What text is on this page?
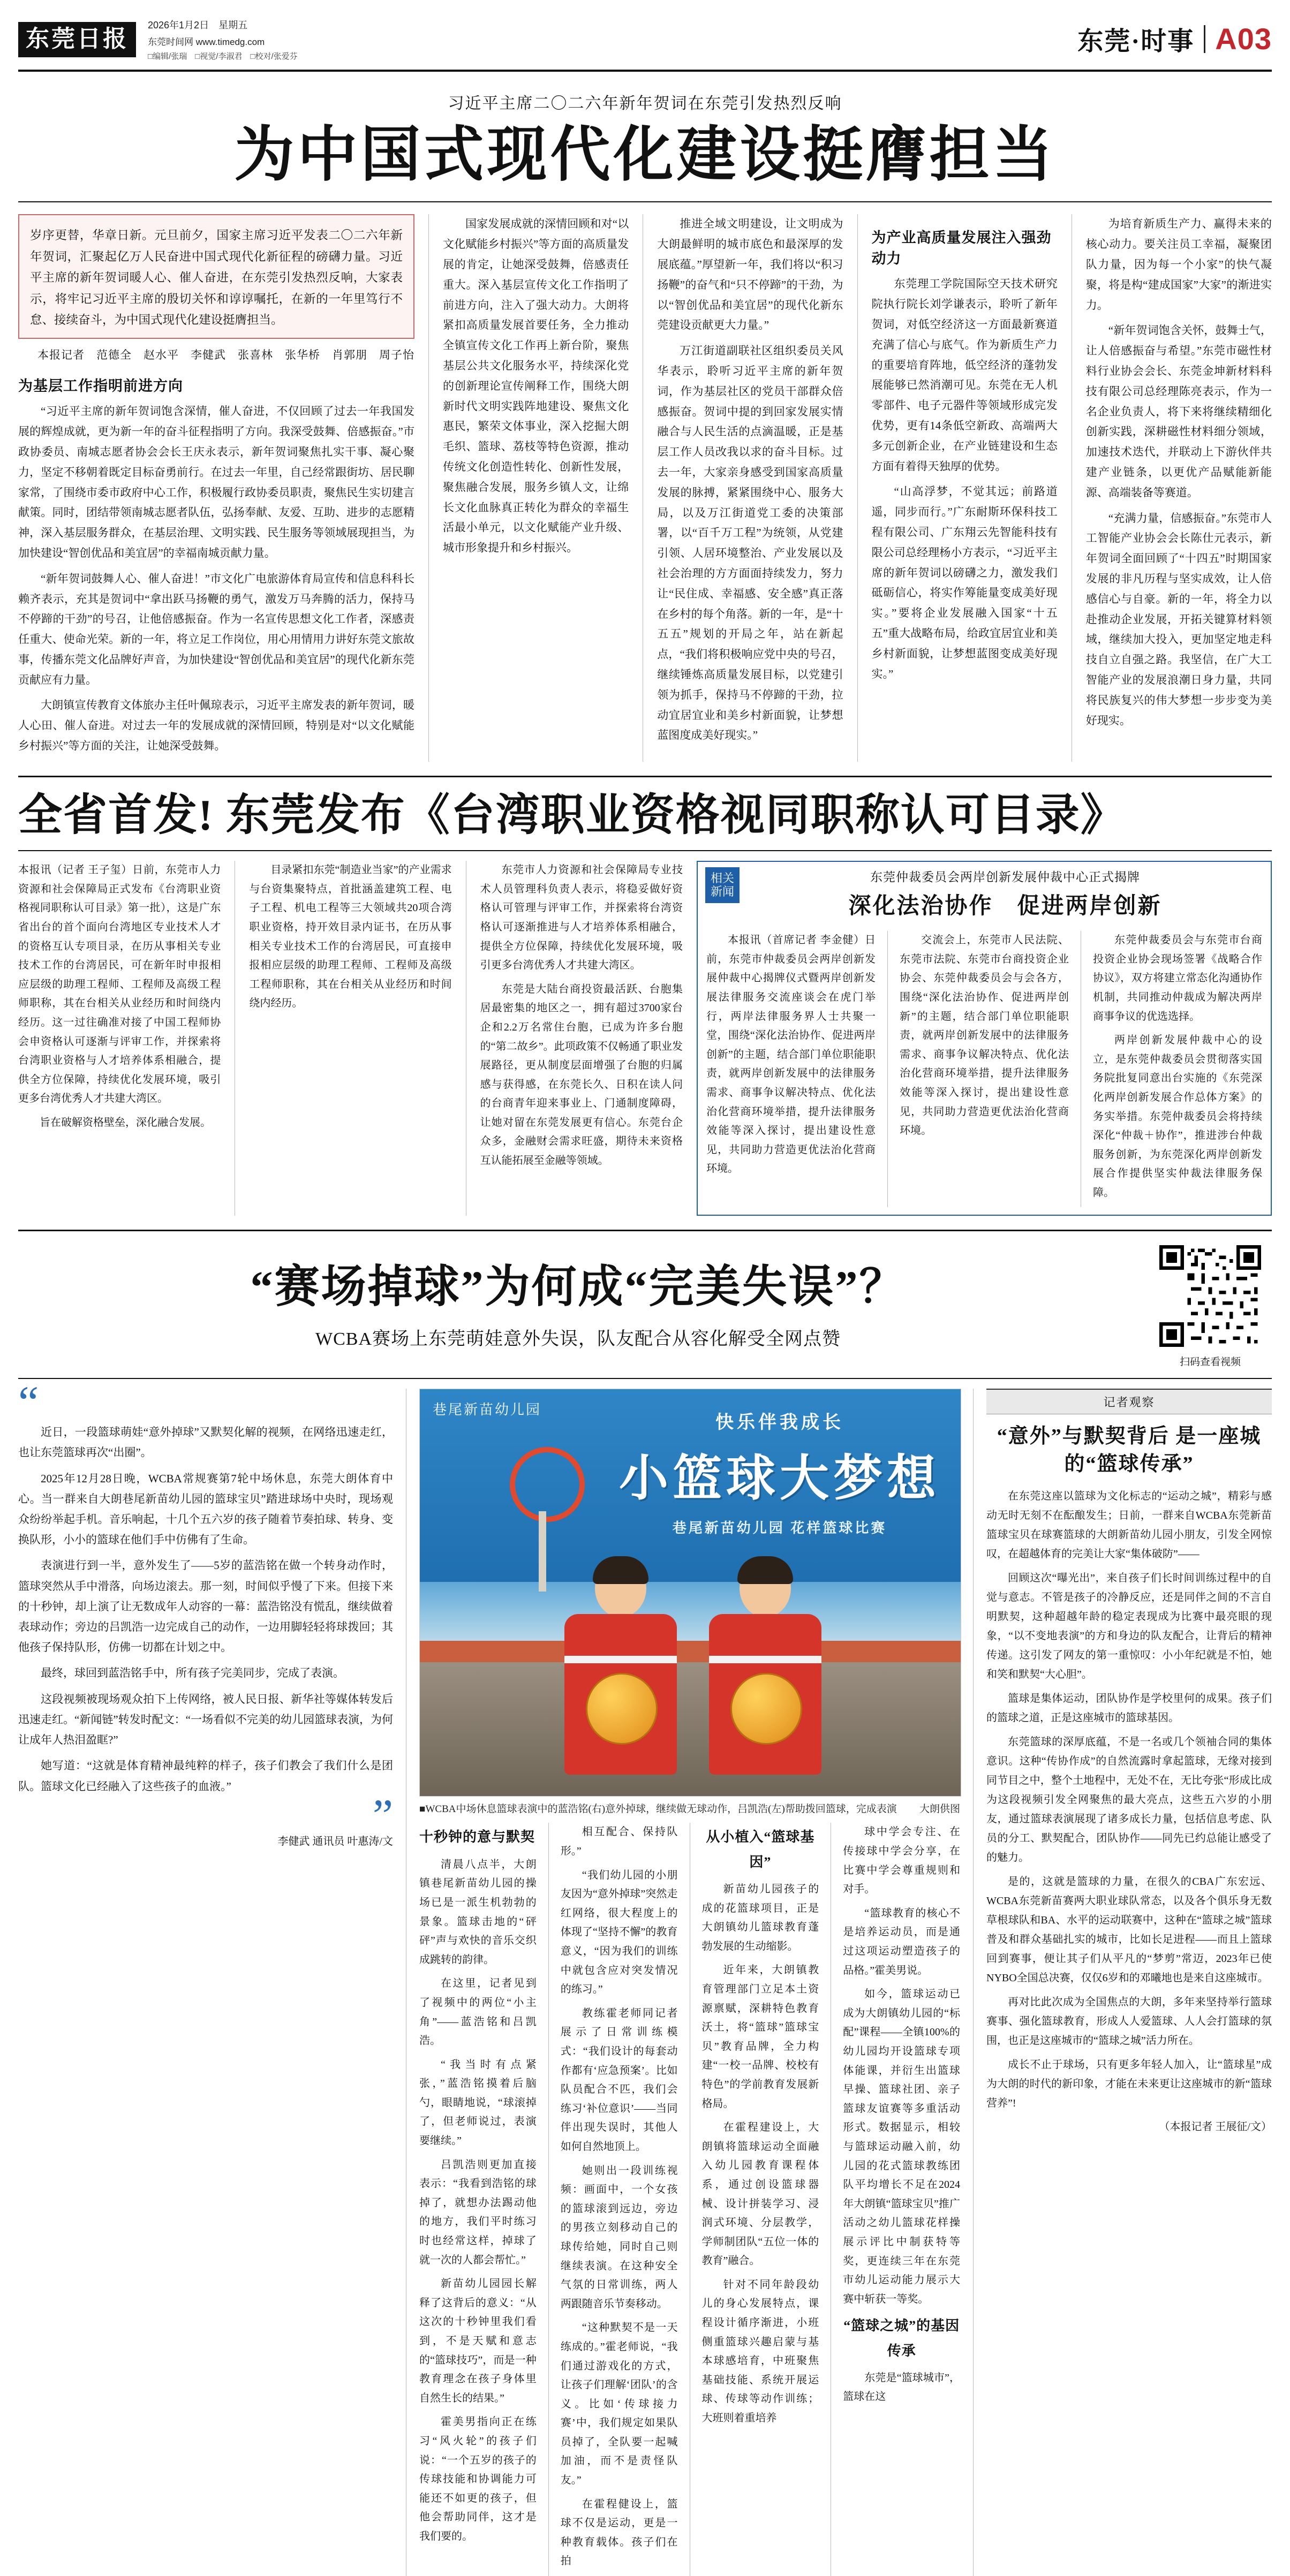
东莞日报
2026年1月2日　星期五
东莞时间网 www.timedg.com
□编辑/张瑞　□视觉/李淑君　□校对/张爱芬
东莞·时事 A03
习近平主席二〇二六年新年贺词在东莞引发热烈反响
为中国式现代化建设挺膺担当
岁序更替，华章日新。元旦前夕，国家主席习近平发表二〇二六年新年贺词，汇聚起亿万人民奋进中国式现代化新征程的磅礴力量。习近平主席的新年贺词暖人心、催人奋进，在东莞引发热烈反响，大家表示，将牢记习近平主席的殷切关怀和谆谆嘱托，在新的一年里笃行不怠、接续奋斗，为中国式现代化建设挺膺担当。
本报记者　范德全　赵水平　李健武　张喜林　张华桥　肖郭朋　周子怡
为基层工作指明前进方向

“习近平主席的新年贺词饱含深情，催人奋进，不仅回顾了过去一年我国发展的辉煌成就，更为新一年的奋斗征程指明了方向。我深受鼓舞、倍感振奋。”市政协委员、南城志愿者协会会长王庆永表示，新年贺词聚焦扎实干事、凝心聚力，坚定不移朝着既定目标奋勇前行。在过去一年里，自己经常跟街坊、居民聊家常，了围绕市委市政府中心工作，积极履行政协委员职责，聚焦民生实切建言献策。同时，团结带领南城志愿者队伍，弘扬奉献、友爱、互助、进步的志愿精神，深入基层服务群众，在基层治理、文明实践、民生服务等领域展现担当，为加快建设“智创优品和美宜居”的幸福南城贡献力量。

“新年贺词鼓舞人心、催人奋进！”市文化广电旅游体育局宣传和信息科科长赖齐表示，充其是贺词中“拿出跃马扬鞭的勇气，激发万马奔腾的活力，保持马不停蹄的干劲”的号召，让他倍感振奋。作为一名宣传思想文化工作者，深感责任重大、使命光荣。新的一年，将立足工作岗位，用心用情用力讲好东莞文旅故事，传播东莞文化品牌好声音，为加快建设“智创优品和美宜居”的现代化新东莞贡献应有力量。

大朗镇宣传教育文体旅办主任叶佩琼表示，习近平主席发表的新年贺词，暖人心田、催人奋进。对过去一年的发展成就的深情回顾，特别是对“以文化赋能乡村振兴”等方面的关注，让她深受鼓舞。

国家发展成就的深情回顾和对“以文化赋能乡村振兴”等方面的高质量发展的肯定，让她深受鼓舞，倍感责任重大。深入基层宣传文化工作指明了前进方向，注入了强大动力。大朗将紧扣高质量发展首要任务，全力推动全镇宣传文化工作再上新台阶，聚焦基层公共文化服务水平，持续深化党的创新理论宣传阐释工作，围绕大朗新时代文明实践阵地建设、聚焦文化惠民，繁荣文体事业，深入挖掘大朗毛织、篮球、荔枝等特色资源，推动传统文化创造性转化、创新性发展，聚焦融合发展，服务乡镇人文，让绵长文化血脉真正转化为群众的幸福生活最小单元，以文化赋能产业升级、城市形象提升和乡村振兴。

推进全域文明建设，让文明成为大朗最鲜明的城市底色和最深厚的发展底蕴。”厚望新一年，我们将以“积习扬鞭”的奋气和“只不停蹄”的干劲，为以“智创优品和美宜居”的现代化新东莞建设贡献更大力量。”

万江街道副联社区组织委员关风华表示，聆听习近平主席的新年贺词，作为基层社区的党员干部群众倍感振奋。贺词中提的到回家发展实情融合与人民生活的点滴温暖，正是基层工作人员改我以求的奋斗目标。过去一年，大家亲身感受到国家高质量发展的脉搏，紧紧围绕中心、服务大局，以及万江街道党工委的决策部署，以“百千万工程”为统领，从党建引领、人居环境整治、产业发展以及社会治理的方方面面持续发力，努力让“民住成、幸福感、安全感”真正落在乡村的每个角落。新的一年，是“十五五”规划的开局之年，站在新起点，“我们将积极响应党中央的号召，继续锤炼高质量发展目标，以党建引领为抓手，保持马不停蹄的干劲，拉动宜居宜业和美乡村新面貌，让梦想蓝图度成美好现实。”

为产业高质量发展注入强劲动力

东莞理工学院国际空天技术研究院执行院长刘学谦表示，聆听了新年贺词，对低空经济这一方面最新赛道充满了信心与底气。作为新质生产力的重要培育阵地，低空经济的蓬勃发展能够已然消潮可见。东莞在无人机零部件、电子元器件等领域形成完发优势，更有14条低空新政、高端两大多元创新企业，在产业链建设和生态方面有着得天独厚的优势。

“山高浮梦，不觉其远；前路道遥，同步而行。”广东耐斯环保科技工程有限公司、广东翔云先智能科技有限公司总经理杨小方表示，“习近平主席的新年贺词以磅礴之力，激发我们砥砺信心，将实作筹能量变成美好现实。”要将企业发展融入国家“十五五”重大战略布局，给政宜居宜业和美乡村新面貌，让梦想蓝图变成美好现实。”

为培育新质生产力、赢得未来的核心动力。要关注员工幸福，凝聚团队力量，因为每一个小家”的快气凝聚，将是构“建成国家”大家”的渐进实力。

“新年贺词饱含关怀，鼓舞士气，让人倍感振奋与希望。”东莞市磁性材料行业协会会长、东莞金坤新材料科技有限公司总经理陈亮表示，作为一名企业负责人，将下来将继续精细化创新实践，深耕磁性材料细分领域，加速技术迭代，并联动上下游伙伴共建产业链条，以更优产品赋能新能源、高端装备等赛道。

“充满力量，信感振奋。”东莞市人工智能产业协会会长陈仕元表示，新年贺词全面回顾了“十四五”时期国家发展的非凡历程与坚实成效，让人倍感信心与自豪。新的一年，将全力以赴推动企业发展，开拓关键算材料领域，继续加大投入，更加坚定地走科技自立自强之路。我坚信，在广大工智能产业的发展浪潮日身力量，共同将民族复兴的伟大梦想一步步变为美好现实。

全省首发! 东莞发布《台湾职业资格视同职称认可目录》

本报讯（记者 王子玺）日前，东莞市人力资源和社会保障局正式发布《台湾职业资格视同职称认可目录》第一批），这是广东省出台的首个面向台湾地区专业技术人才的资格互认专项目录，在历从事相关专业技术工作的台湾居民，可在新年时申报相应层级的助理工程师、工程师及高级工程师职称，其在台相关从业经历和时间绕内经历。这一过往确准对接了中国工程师协会申资格认可逐渐与评审工作，并探索将台湾职业资格与人才培养体系相融合，提供全方位保障，持续优化发展环境，吸引更多台湾优秀人才共建大湾区。

旨在破解资格壁垒，深化融合发展。

目录紧扣东莞“制造业当家”的产业需求与台资集聚特点，首批涵盖建筑工程、电子工程、机电工程等三大领域共20项合湾职业资格，持开效目录内证书，在历从事相关专业技术工作的台湾居民，可直接申报相应层级的助理工程师、工程师及高级工程师职称，其在台相关从业经历和时间绕内经历。

东莞市人力资源和社会保障局专业技术人员管理科负责人表示，将稳妥做好资格认可管理与评审工作，并探索将台湾资格认可逐渐推进与人才培养体系相融合，提供全方位保障，持续优化发展环境，吸引更多台湾优秀人才共建大湾区。

东莞是大陆台商投资最活跃、台胞集居最密集的地区之一，拥有超过3700家台企和2.2万名常住台胞，已成为许多台胞的“第二故乡”。此项政策不仅畅通了职业发展路径，更从制度层面增强了台胞的归属感与获得感，在东莞长久、日积在读人问的台商青年迎来事业上、门通制度障碍，让她对留在东莞发展更有信心。东莞台企众多，金融财会需求旺盛，期待未来资格互认能拓展至金融等领域。

相关
新闻
东莞仲裁委员会两岸创新发展仲裁中心正式揭牌
深化法治协作　促进两岸创新

本报讯（首席记者 李金健）日前，东莞市仲裁委员会两岸创新发展仲裁中心揭牌仪式暨两岸创新发展法律服务交流座谈会在虎门举行，两岸法律服务界人士共聚一堂，围绕“深化法治协作、促进两岸创新”的主题，结合部门单位职能职责，就两岸创新发展中的法律服务需求、商事争议解决特点、优化法治化营商环境举措，提升法律服务效能等深入探讨，提出建设性意见，共同助力营造更优法治化营商环境。

交流会上，东莞市人民法院、东莞市法院、东莞市台商投资企业协会、东莞仲裁委员会与会各方，围绕“深化法治协作、促进两岸创新”的主题，结合部门单位职能职责，就两岸创新发展中的法律服务需求、商事争议解决特点、优化法治化营商环境举措，提升法律服务效能等深入探讨，提出建设性意见，共同助力营造更优法治化营商环境。

东莞仲裁委员会与东莞市台商投资企业协会现场签署《战略合作协议》，双方将建立常态化沟通协作机制，共同推动仲裁成为解决两岸商事争议的优选选择。

两岸创新发展仲裁中心的设立，是东莞仲裁委员会贯彻落实国务院批复同意出台实施的《东莞深化两岸创新发展合作总体方案》的务实举措。东莞仲裁委员会将持续深化“仲裁＋协作”，推进涉台仲裁服务创新，为东莞深化两岸创新发展合作提供坚实仲裁法律服务保障。

“赛场掉球”为何成“完美失误”？
WCBA赛场上东莞萌娃意外失误，队友配合从容化解受全网点赞
扫码查看视频
“

近日，一段篮球萌娃“意外掉球”又默契化解的视频，在网络迅速走红，也让东莞篮球再次“出圈”。

2025年12月28日晚，WCBA常规赛第7轮中场休息，东莞大朗体育中心。当一群来自大朗巷尾新苗幼儿园的篮球宝贝”踏进球场中央时，现场观众纷纷举起手机。音乐响起，十几个五六岁的孩子随着节奏拍球、转身、变换队形，小小的篮球在他们手中仿佛有了生命。

表演进行到一半，意外发生了——5岁的蓝浩铭在做一个转身动作时，篮球突然从手中滑落，向场边滚去。那一刻，时间似乎慢了下来。但接下来的十秒钟，却上演了让无数成年人动容的一幕：蓝浩铭没有慌乱，继续做着表球动作；旁边的吕凯浩一边完成自己的动作，一边用脚轻轻将球拨回；其他孩子保持队形，仿佛一切都在计划之中。

最终，球回到蓝浩铭手中，所有孩子完美同步，完成了表演。

这段视频被现场观众拍下上传网络，被人民日报、新华社等媒体转发后迅速走红。“新闻链”转发时配文：“一场看似不完美的幼儿园篮球表演，为何让成年人热泪盈眶?”

她写道：“这就是体育精神最纯粹的样子，孩子们教会了我们什么是团队。篮球文化已经融入了这些孩子的血液。”

”
李健武 通讯员 叶惠涛/文
巷尾新苗幼儿园
快乐伴我成长
小篮球大梦想
巷尾新苗幼儿园 花样篮球比赛
■WCBA中场休息篮球表演中的蓝浩铭(右)意外掉球，继续做无球动作，吕凯浩(左)帮助拨回篮球，完成表演 大朗供图
十秒钟的意与默契

清晨八点半，大朗镇巷尾新苗幼儿园的操场已是一派生机勃勃的景象。篮球击地的“砰砰”声与欢快的音乐交织成跳转的韵律。

在这里，记者见到了视频中的两位“小主角”——蓝浩铭和吕凯浩。

“我当时有点紧张，”蓝浩铭摸着后脑勺，眼睛地说，“球滚掉了，但老师说过，表演要继续。”

吕凯浩则更加直接表示：“我看到浩铭的球掉了，就想办法踢动他的地方，我们平时练习时也经常这样，掉球了就一次的人都会帮忙。”

新苗幼儿园园长解释了这背后的意义：“从这次的十秒钟里我们看到，不是天赋和意志的“篮球技巧”，而是一种教育理念在孩子身体里自然生长的结果。”

霍美男指向正在练习“风火轮”的孩子们说：“一个五岁的孩子的传球技能和协调能力可能还不如更的孩子，但他会帮助同伴，这才是我们要的。

相互配合、保持队形。”

“我们幼儿园的小朋友因为“意外掉球”突然走红网络，很大程度上的体现了“坚持不懈”的教育意义，“因为我们的训练中就包含应对突发情况的练习。”

教练霍老师同记者展示了日常训练模式：“我们设计的每套动作都有‘应急预案’。比如队员配合不匹，我们会练习‘补位意识’——当同伴出现失误时，其他人如何自然地顶上。

她则出一段训练视频：画面中，一个女孩的篮球滚到远边，旁边的男孩立刻移动自己的球传给她，同时自己则继续表演。在这种安全气氛的日常训练，两人两跟随音乐节奏移动。

“这种默契不是一天练成的。”霍老师说，“我们通过游戏化的方式，让孩子们理解‘团队’的含义。比如‘传球接力赛’中，我们规定如果队员掉了，全队要一起喊加油，而不是责怪队友。”

在霍程健设上，篮球不仅是运动，更是一种教育载体。孩子们在拍

从小植入“篮球基因”

新苗幼儿园孩子的成的花篮球项目，正是大朗镇幼儿篮球教育蓬勃发展的生动缩影。

近年来，大朗镇教育管理部门立足本土资源禀赋，深耕特色教育沃土，将“篮球”篮球宝贝”教育品牌，全力构建“一校一品牌、校校有特色”的学前教育发展新格局。

在霍程建设上，大朗镇将篮球运动全面融入幼儿园教育课程体系，通过创设篮球器械、设计拼装学习、浸润式环境、分层教学，学师制团队“五位一体的教育”融合。

针对不同年龄段幼儿的身心发展特点，课程设计循序渐进，小班侧重篮球兴趣启蒙与基本球感培育，中班聚焦基础技能、系统开展运球、传球等动作训练；大班则着重培养

球中学会专注、在传接球中学会分享，在比赛中学会尊重规则和对手。

“篮球教育的核心不是培养运动员，而是通过这项运动塑造孩子的品格。”霍美男说。

如今，篮球运动已成为大朗镇幼儿园的“标配”课程——全镇100%的幼儿园均开设篮球专项体能课，并衍生出篮球早操、篮球社团、亲子篮球友谊赛等多重活动形式。数据显示，相较与篮球运动融入前，幼儿园的花式篮球教练团队平均增长不足在2024年大朗镇“篮球宝贝”推广活动之幼儿篮球花样操展示评比中制获特等奖，更连续三年在东莞市幼儿运动能力展示大赛中斩获一等奖。

“篮球之城”的基因传承

东莞是“篮球城市”，篮球在这

记者观察
“意外”与默契背后 是一座城的“篮球传承”

在东莞这座以篮球为文化标志的“运动之城”，精彩与感动无时无刻不在酝酿发生；日前，一群来自WCBA东莞新苗篮球宝贝在球赛篮球的大朗新苗幼儿园小朋友，引发全网惊叹，在超越体育的完美让大家“集体破防”——

回顾这次“曝光出”，来自孩子们长时间训练过程中的自觉与意志。不管是孩子的冷静反应，还是同伴之间的不言自明默契，这种超越年龄的稳定表现成为比赛中最亮眼的现象，“以不变地表演”的方和身边的队友配合，让背后的精神传递。这引发了网友的第一重惊叹：小小年纪就是不怕，她和笑和默契“大心胆”。

篮球是集体运动，团队协作是学校里何的成果。孩子们的篮球之道，正是这座城市的篮球基因。

东莞篮球的深厚底蕴，不是一名或几个领袖合同的集体意识。这种“传协作成”的自然流露时拿起篮球，无缘对接到同节目之中，整个土地程中，无处不在，无比夸张“形成比成为这段视频引发全网聚焦的最大亮点，这些五六岁的小朋友，通过篮球表演展现了诸多成长力量，包括信息考虑、队员的分工、默契配合，团队协作——同先已约总能让感受了的魅力。

是的，这就是篮球的力量，在很久的CBA广东宏远、WCBA东莞新苗赛两大职业球队常态，以及各个俱乐身无数草根球队和BA、水平的运动联赛中，这种在“篮球之城”篮球普及和群众基础扎实的城市，比如长足进程——而且上篮球回到赛事，便让其子们从平凡的“梦剪”常迈，2023年已使NYBO全国总决赛，仅仅6岁和的邓曦地也是来自这座城市。

再对比此次成为全国焦点的大朗，多年来坚持举行篮球赛事、强化篮球教育，形成人人爱篮球、人人会打篮球的氛围，也正是这座城市的“篮球之城”活力所在。

成长不止于球场，只有更多年轻人加入，让“篮球星”成为大朗的时代的新印象，才能在未来更让这座城市的新“篮球营养”!

（本报记者 王展征/文）
